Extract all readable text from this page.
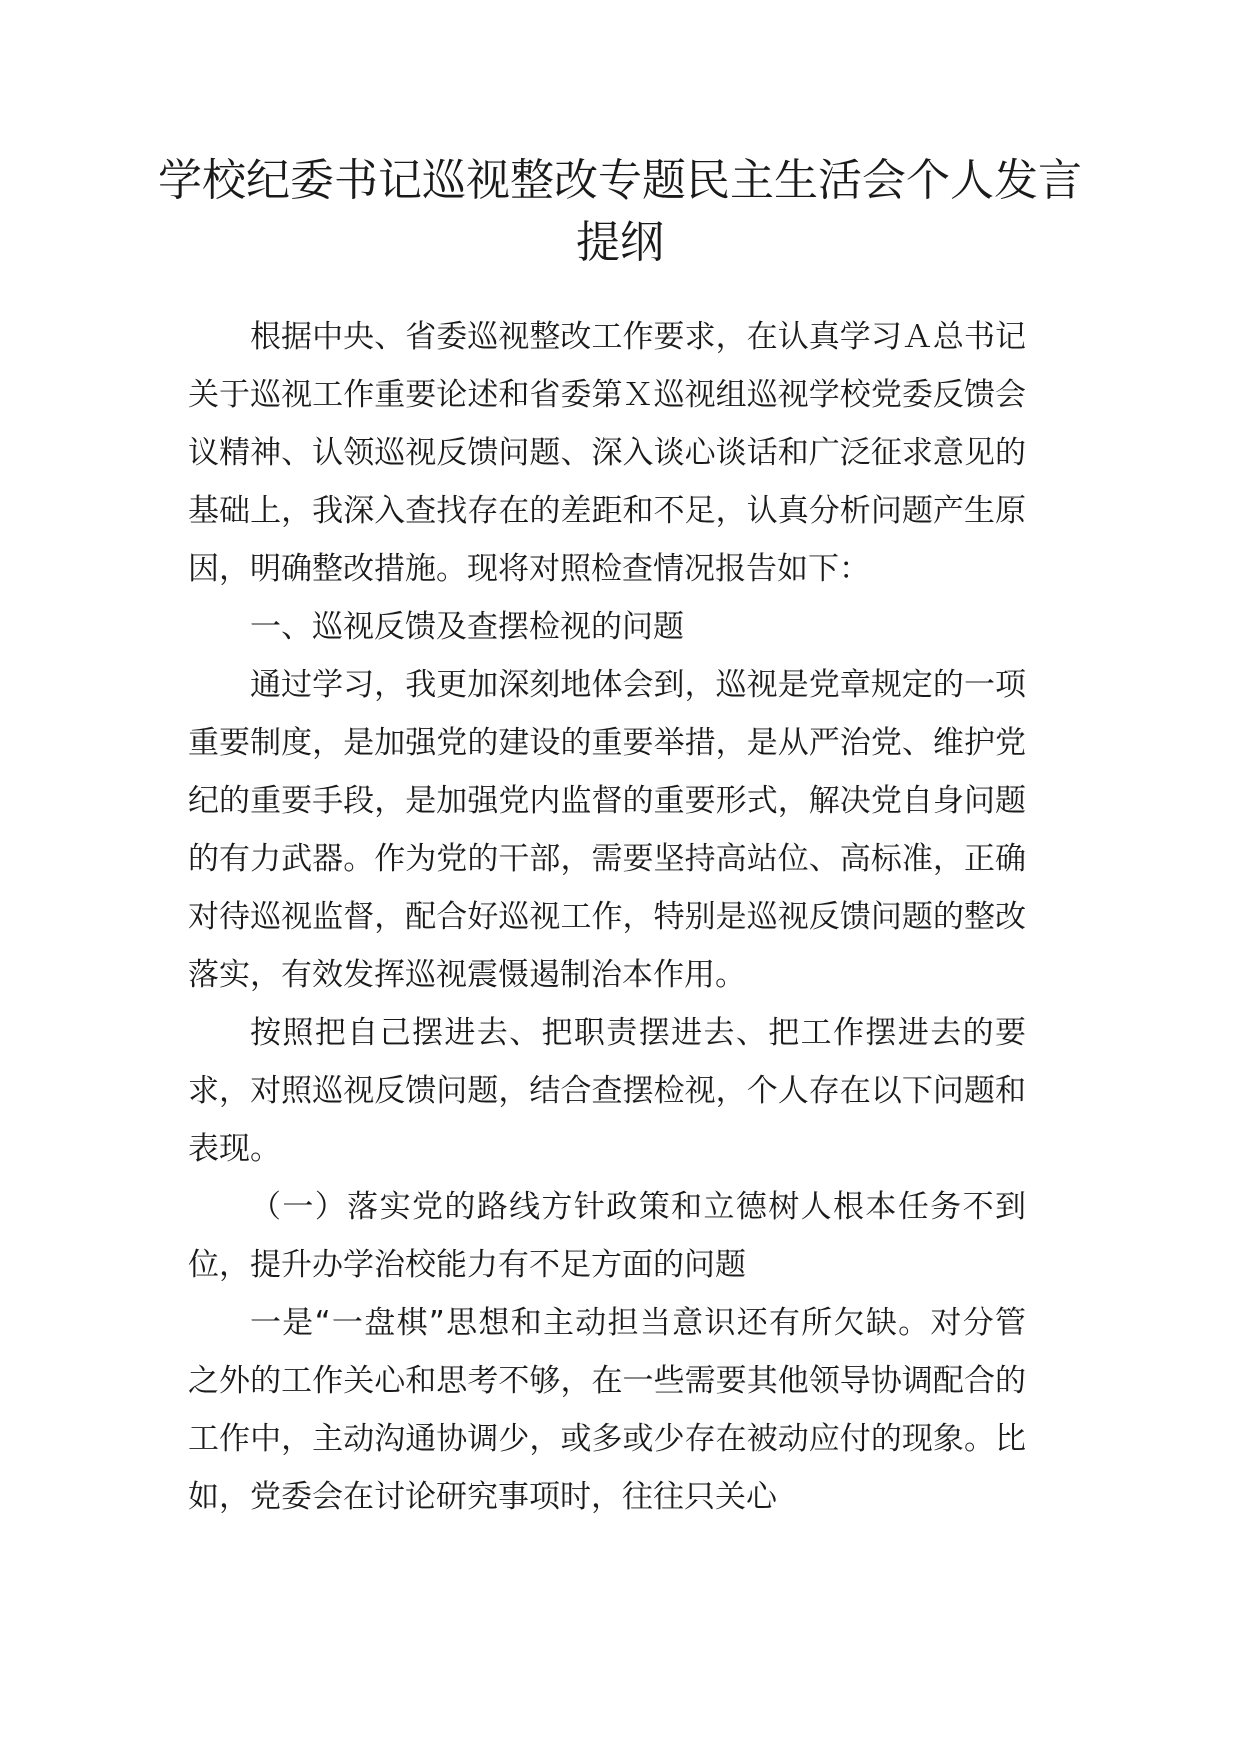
学校纪委书记巡视整改专题民主生活会个人发言提纲

根据中央、省委巡视整改工作要求，在认真学习Ａ总书记关于巡视工作重要论述和省委第Ｘ巡视组巡视学校党委反馈会议精神、认领巡视反馈问题、深入谈心谈话和广泛征求意见的基础上，我深入查找存在的差距和不足，认真分析问题产生原因，明确整改措施。现将对照检查情况报告如下：

一、巡视反馈及查摆检视的问题

通过学习，我更加深刻地体会到，巡视是党章规定的一项重要制度，是加强党的建设的重要举措，是从严治党、维护党纪的重要手段，是加强党内监督的重要形式，解决党自身问题的有力武器。作为党的干部，需要坚持高站位、高标准，正确对待巡视监督，配合好巡视工作，特别是巡视反馈问题的整改落实，有效发挥巡视震慑遏制治本作用。

按照把自己摆进去、把职责摆进去、把工作摆进去的要求，对照巡视反馈问题，结合查摆检视，个人存在以下问题和表现。

（一）落实党的路线方针政策和立德树人根本任务不到位，提升办学治校能力有不足方面的问题

一是“一盘棋”思想和主动担当意识还有所欠缺。对分管之外的工作关心和思考不够，在一些需要其他领导协调配合的工作中，主动沟通协调少，或多或少存在被动应付的现象。比如，党委会在讨论研究事项时，往往只关心
